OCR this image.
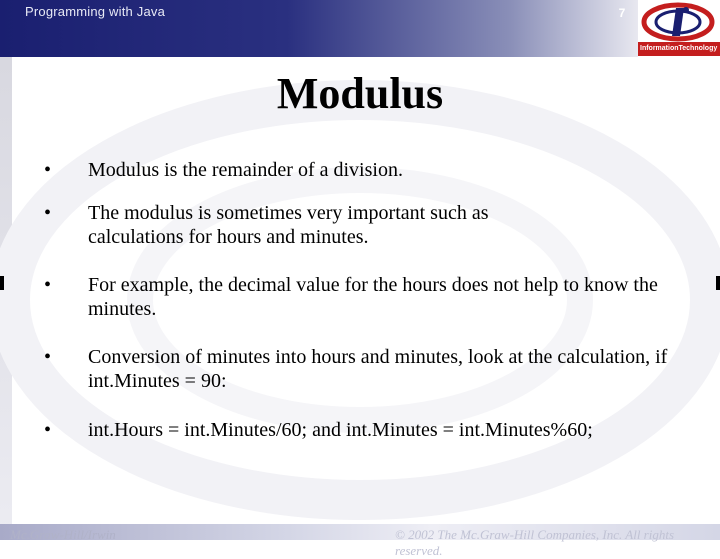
Programming with Java	7
InformationTechnology
Modulus
• Modulus is the remainder of a division.
• The modulus is sometimes very important such as calculations for hours and minutes.
• For example, the decimal value for the hours does not help to know the minutes.
• Conversion of minutes into hours and minutes, look at the calculation, if int.Minutes = 90:
• int.Hours = int.Minutes/60; and int.Minutes = int.Minutes%60;
Mc.Graw-Hill/Irwin	© 2002 The Mc.Graw-Hill Companies, Inc. All rights reserved.
